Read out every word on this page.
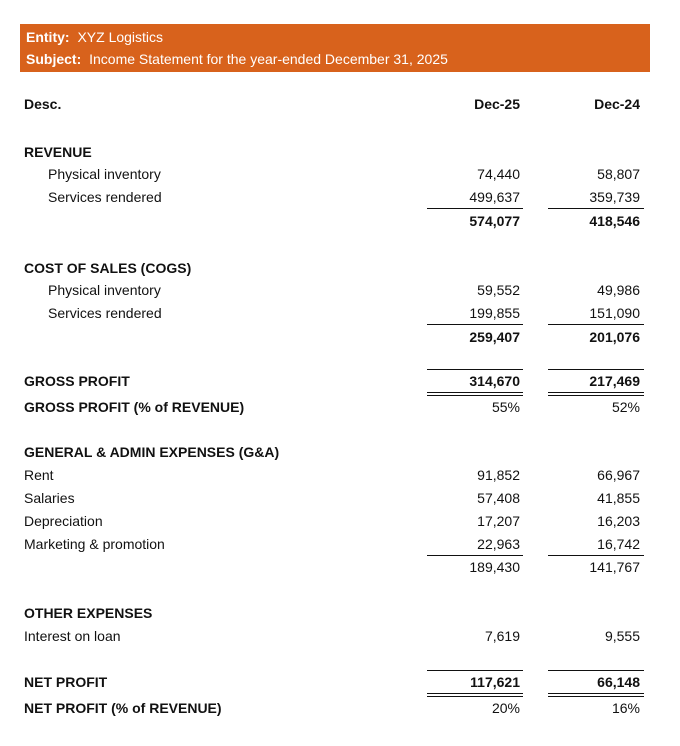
Entity: XYZ Logistics
Subject: Income Statement for the year-ended December 31, 2025
Desc.	Dec-25	Dec-24
REVENUE
Physical inventory	74,440	58,807
Services rendered	499,637	359,739
574,077	418,546
COST OF SALES (COGS)
Physical inventory	59,552	49,986
Services rendered	199,855	151,090
259,407	201,076
GROSS PROFIT	314,670	217,469
GROSS PROFIT (% of REVENUE)	55%	52%
GENERAL & ADMIN EXPENSES (G&A)
Rent	91,852	66,967
Salaries	57,408	41,855
Depreciation	17,207	16,203
Marketing & promotion	22,963	16,742
189,430	141,767
OTHER EXPENSES
Interest on loan	7,619	9,555
NET PROFIT	117,621	66,148
NET PROFIT (% of REVENUE)	20%	16%
